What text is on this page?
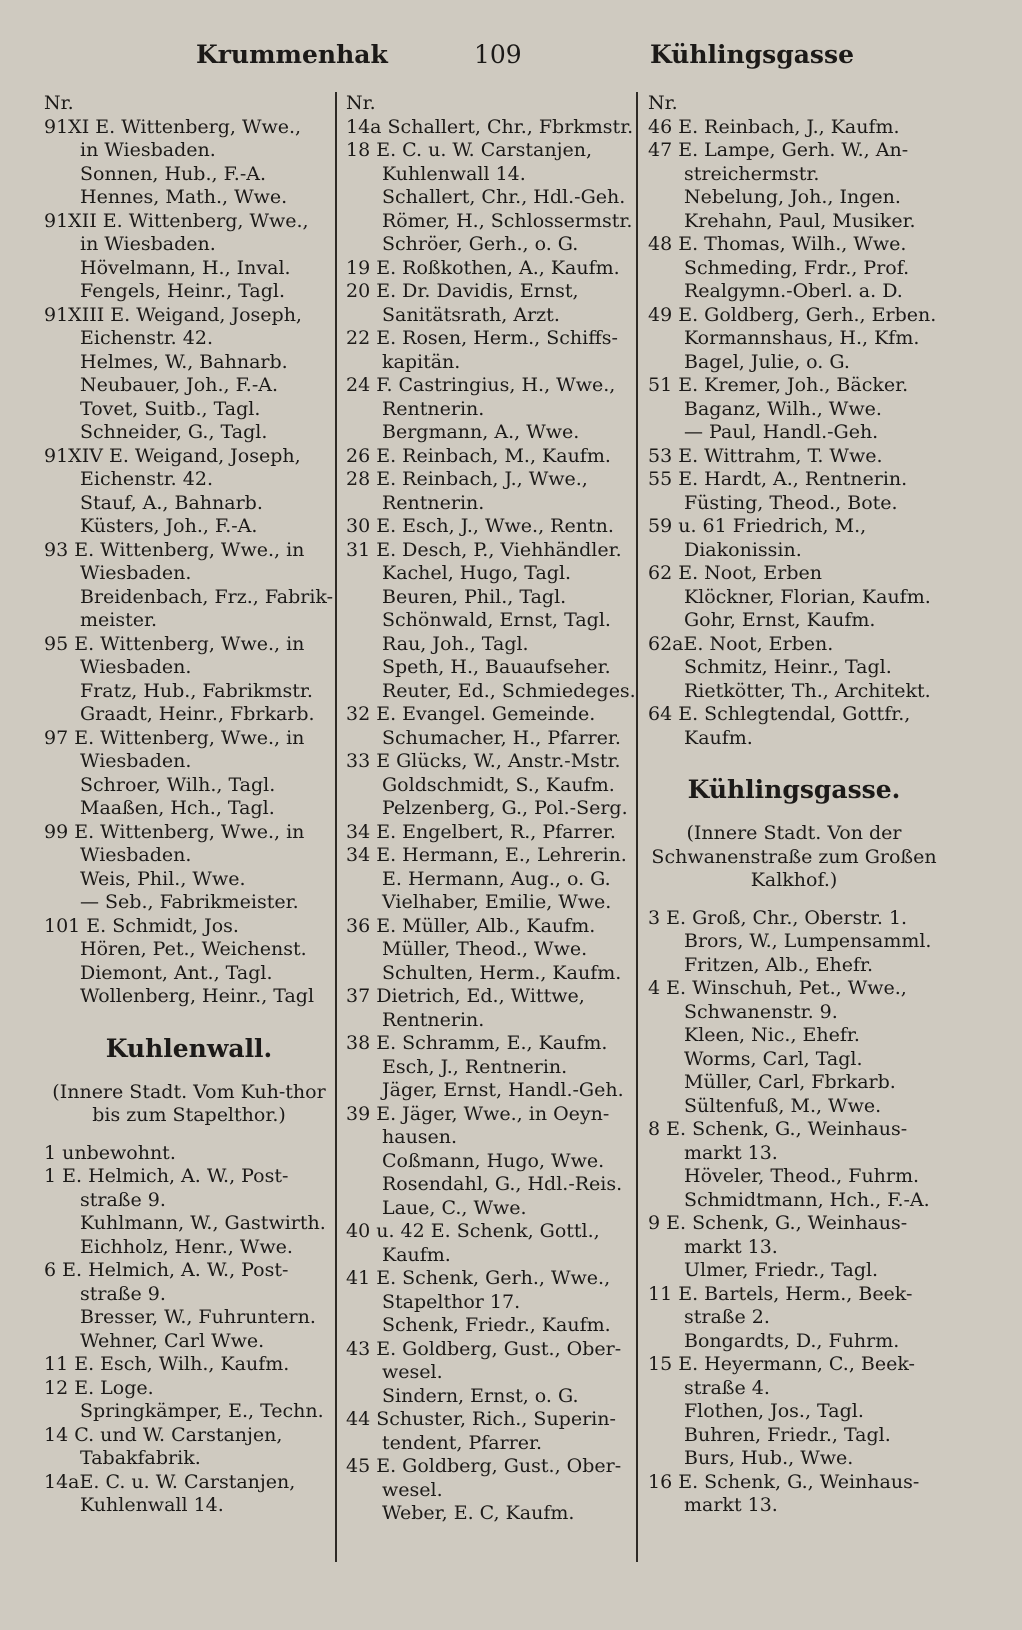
Krummenhak	109	Kühlingsgasse
Nr.
91XI E. Wittenberg, Wwe.,
in Wiesbaden.
Sonnen, Hub., F.-A.
Hennes, Math., Wwe.
91XII E. Wittenberg, Wwe.,
in Wiesbaden.
Hövelmann, H., Inval.
Fengels, Heinr., Tagl.
91XIII E. Weigand, Joseph,
Eichenstr. 42.
Helmes, W., Bahnarb.
Neubauer, Joh., F.-A.
Tovet, Suitb., Tagl.
Schneider, G., Tagl.
91XIV E. Weigand, Joseph,
Eichenstr. 42.
Stauf, A., Bahnarb.
Küsters, Joh., F.-A.
93 E. Wittenberg, Wwe., in
Wiesbaden.
Breidenbach, Frz., Fabrik-
meister.
95 E. Wittenberg, Wwe., in
Wiesbaden.
Fratz, Hub., Fabrikmstr.
Graadt, Heinr., Fbrkarb.
97 E. Wittenberg, Wwe., in
Wiesbaden.
Schroer, Wilh., Tagl.
Maaßen, Hch., Tagl.
99 E. Wittenberg, Wwe., in
Wiesbaden.
Weis, Phil., Wwe.
— Seb., Fabrikmeister.
101 E. Schmidt, Jos.
Hören, Pet., Weichenst.
Diemont, Ant., Tagl.
Wollenberg, Heinr., Tagl
Kuhlenwall.
(Innere Stadt. Vom Kuh-thor bis zum Stapelthor.)
1 unbewohnt.
1 E. Helmich, A. W., Post-
straße 9.
Kuhlmann, W., Gastwirth.
Eichholz, Henr., Wwe.
6 E. Helmich, A. W., Post-
straße 9.
Bresser, W., Fuhruntern.
Wehner, Carl Wwe.
11 E. Esch, Wilh., Kaufm.
12 E. Loge.
Springkämper, E., Techn.
14 C. und W. Carstanjen,
Tabakfabrik.
14aE. C. u. W. Carstanjen,
Kuhlenwall 14.
Nr.
14a Schallert, Chr., Fbrkmstr.
18 E. C. u. W. Carstanjen,
Kuhlenwall 14.
Schallert, Chr., Hdl.-Geh.
Römer, H., Schlossermstr.
Schröer, Gerh., o. G.
19 E. Roßkothen, A., Kaufm.
20 E. Dr. Davidis, Ernst,
Sanitätsrath, Arzt.
22 E. Rosen, Herm., Schiffs-
kapitän.
24 F. Castringius, H., Wwe.,
Rentnerin.
Bergmann, A., Wwe.
26 E. Reinbach, M., Kaufm.
28 E. Reinbach, J., Wwe.,
Rentnerin.
30 E. Esch, J., Wwe., Rentn.
31 E. Desch, P., Viehhändler.
Kachel, Hugo, Tagl.
Beuren, Phil., Tagl.
Schönwald, Ernst, Tagl.
Rau, Joh., Tagl.
Speth, H., Bauaufseher.
Reuter, Ed., Schmiedeges.
32 E. Evangel. Gemeinde.
Schumacher, H., Pfarrer.
33 E Glücks, W., Anstr.-Mstr.
Goldschmidt, S., Kaufm.
Pelzenberg, G., Pol.-Serg.
34 E. Engelbert, R., Pfarrer.
34 E. Hermann, E., Lehrerin.
E. Hermann, Aug., o. G.
Vielhaber, Emilie, Wwe.
36 E. Müller, Alb., Kaufm.
Müller, Theod., Wwe.
Schulten, Herm., Kaufm.
37 Dietrich, Ed., Wittwe,
Rentnerin.
38 E. Schramm, E., Kaufm.
Esch, J., Rentnerin.
Jäger, Ernst, Handl.-Geh.
39 E. Jäger, Wwe., in Oeyn-
hausen.
Coßmann, Hugo, Wwe.
Rosendahl, G., Hdl.-Reis.
Laue, C., Wwe.
40 u. 42 E. Schenk, Gottl.,
Kaufm.
41 E. Schenk, Gerh., Wwe.,
Stapelthor 17.
Schenk, Friedr., Kaufm.
43 E. Goldberg, Gust., Ober-
wesel.
Sindern, Ernst, o. G.
44 Schuster, Rich., Superin-
tendent, Pfarrer.
45 E. Goldberg, Gust., Ober-
wesel.
Weber, E. C, Kaufm.
Nr.
46 E. Reinbach, J., Kaufm.
47 E. Lampe, Gerh. W., An-
streichermstr.
Nebelung, Joh., Ingen.
Krehahn, Paul, Musiker.
48 E. Thomas, Wilh., Wwe.
Schmeding, Frdr., Prof.
Realgymn.-Oberl. a. D.
49 E. Goldberg, Gerh., Erben.
Kormannshaus, H., Kfm.
Bagel, Julie, o. G.
51 E. Kremer, Joh., Bäcker.
Baganz, Wilh., Wwe.
— Paul, Handl.-Geh.
53 E. Wittrahm, T. Wwe.
55 E. Hardt, A., Rentnerin.
Füsting, Theod., Bote.
59 u. 61 Friedrich, M.,
Diakonissin.
62 E. Noot, Erben
Klöckner, Florian, Kaufm.
Gohr, Ernst, Kaufm.
62aE. Noot, Erben.
Schmitz, Heinr., Tagl.
Rietkötter, Th., Architekt.
64 E. Schlegtendal, Gottfr.,
Kaufm.
Kühlingsgasse.
(Innere Stadt. Von der Schwanenstraße zum Großen Kalkhof.)
3 E. Groß, Chr., Oberstr. 1.
Brors, W., Lumpensamml.
Fritzen, Alb., Ehefr.
4 E. Winschuh, Pet., Wwe.,
Schwanenstr. 9.
Kleen, Nic., Ehefr.
Worms, Carl, Tagl.
Müller, Carl, Fbrkarb.
Sültenfuß, M., Wwe.
8 E. Schenk, G., Weinhaus-
markt 13.
Höveler, Theod., Fuhrm.
Schmidtmann, Hch., F.-A.
9 E. Schenk, G., Weinhaus-
markt 13.
Ulmer, Friedr., Tagl.
11 E. Bartels, Herm., Beek-
straße 2.
Bongardts, D., Fuhrm.
15 E. Heyermann, C., Beek-
straße 4.
Flothen, Jos., Tagl.
Buhren, Friedr., Tagl.
Burs, Hub., Wwe.
16 E. Schenk, G., Weinhaus-
markt 13.
